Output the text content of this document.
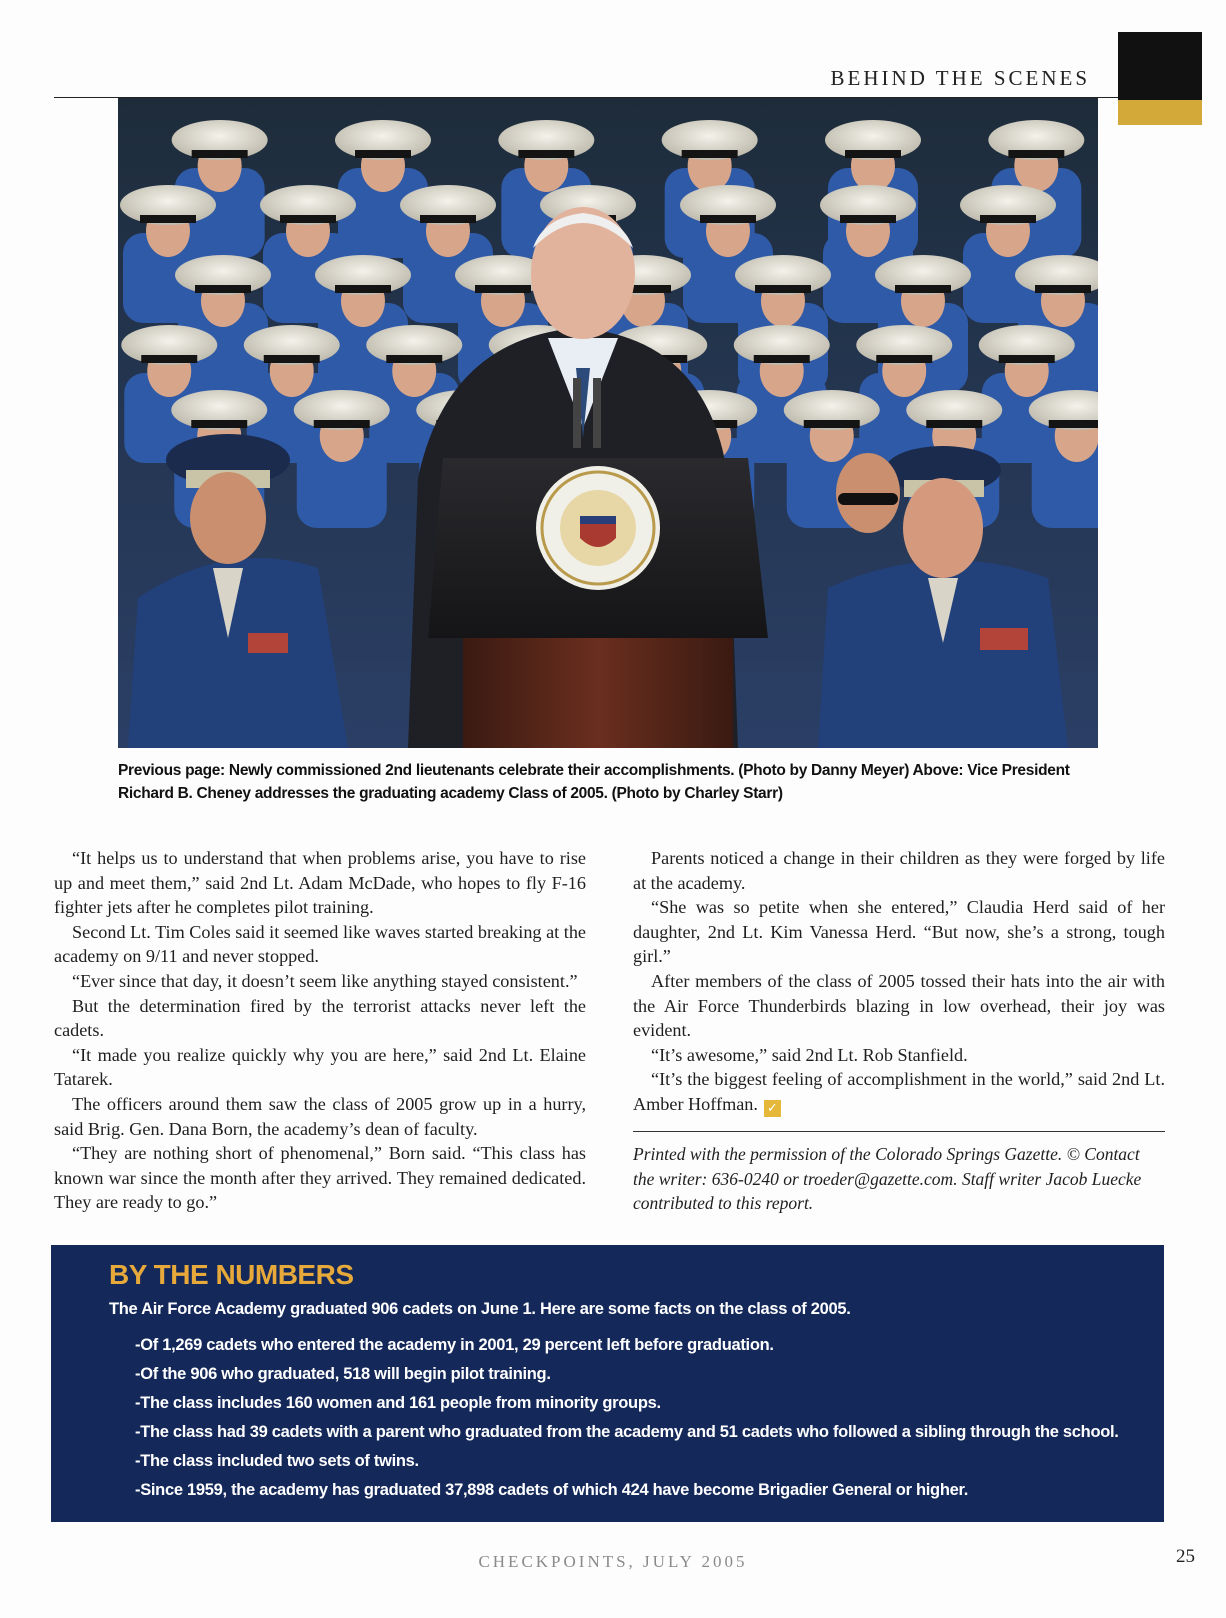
BEHIND THE SCENES
Previous page: Newly commissioned 2nd lieutenants celebrate their accomplishments. (Photo by Danny Meyer) Above: Vice President Richard B. Cheney addresses the graduating academy Class of 2005. (Photo by Charley Starr)

“It helps us to understand that when problems arise, you have to rise up and meet them,” said 2nd Lt. Adam McDade, who hopes to fly F-16 fighter jets after he completes pilot training.

Second Lt. Tim Coles said it seemed like waves started breaking at the academy on 9/11 and never stopped.

“Ever since that day, it doesn’t seem like anything stayed consistent.”

But the determination fired by the terrorist attacks never left the cadets.

“It made you realize quickly why you are here,” said 2nd Lt. Elaine Tatarek.

The officers around them saw the class of 2005 grow up in a hurry, said Brig. Gen. Dana Born, the academy’s dean of faculty.

“They are nothing short of phenomenal,” Born said. “This class has known war since the month after they arrived. They remained dedicated. They are ready to go.”

Parents noticed a change in their children as they were forged by life at the academy.

“She was so petite when she entered,” Claudia Herd said of her daughter, 2nd Lt. Kim Vanessa Herd. “But now, she’s a strong, tough girl.”

After members of the class of 2005 tossed their hats into the air with the Air Force Thunderbirds blazing in low overhead, their joy was evident.

“It’s awesome,” said 2nd Lt. Rob Stanfield.

“It’s the biggest feeling of accomplishment in the world,” said 2nd Lt. Amber Hoffman. ✓

Printed with the permission of the Colorado Springs Gazette. © Contact the writer: 636-0240 or troeder@gazette.com. Staff writer Jacob Luecke contributed to this report.
BY THE NUMBERS
The Air Force Academy graduated 906 cadets on June 1. Here are some facts on the class of 2005.
-Of 1,269 cadets who entered the academy in 2001, 29 percent left before graduation.
-Of the 906 who graduated, 518 will begin pilot training.
-The class includes 160 women and 161 people from minority groups.
-The class had 39 cadets with a parent who graduated from the academy and 51 cadets who followed a sibling through the school.
-The class included two sets of twins.
-Since 1959, the academy has graduated 37,898 cadets of which 424 have become Brigadier General or higher.
CHECKPOINTS, JULY 2005	25
